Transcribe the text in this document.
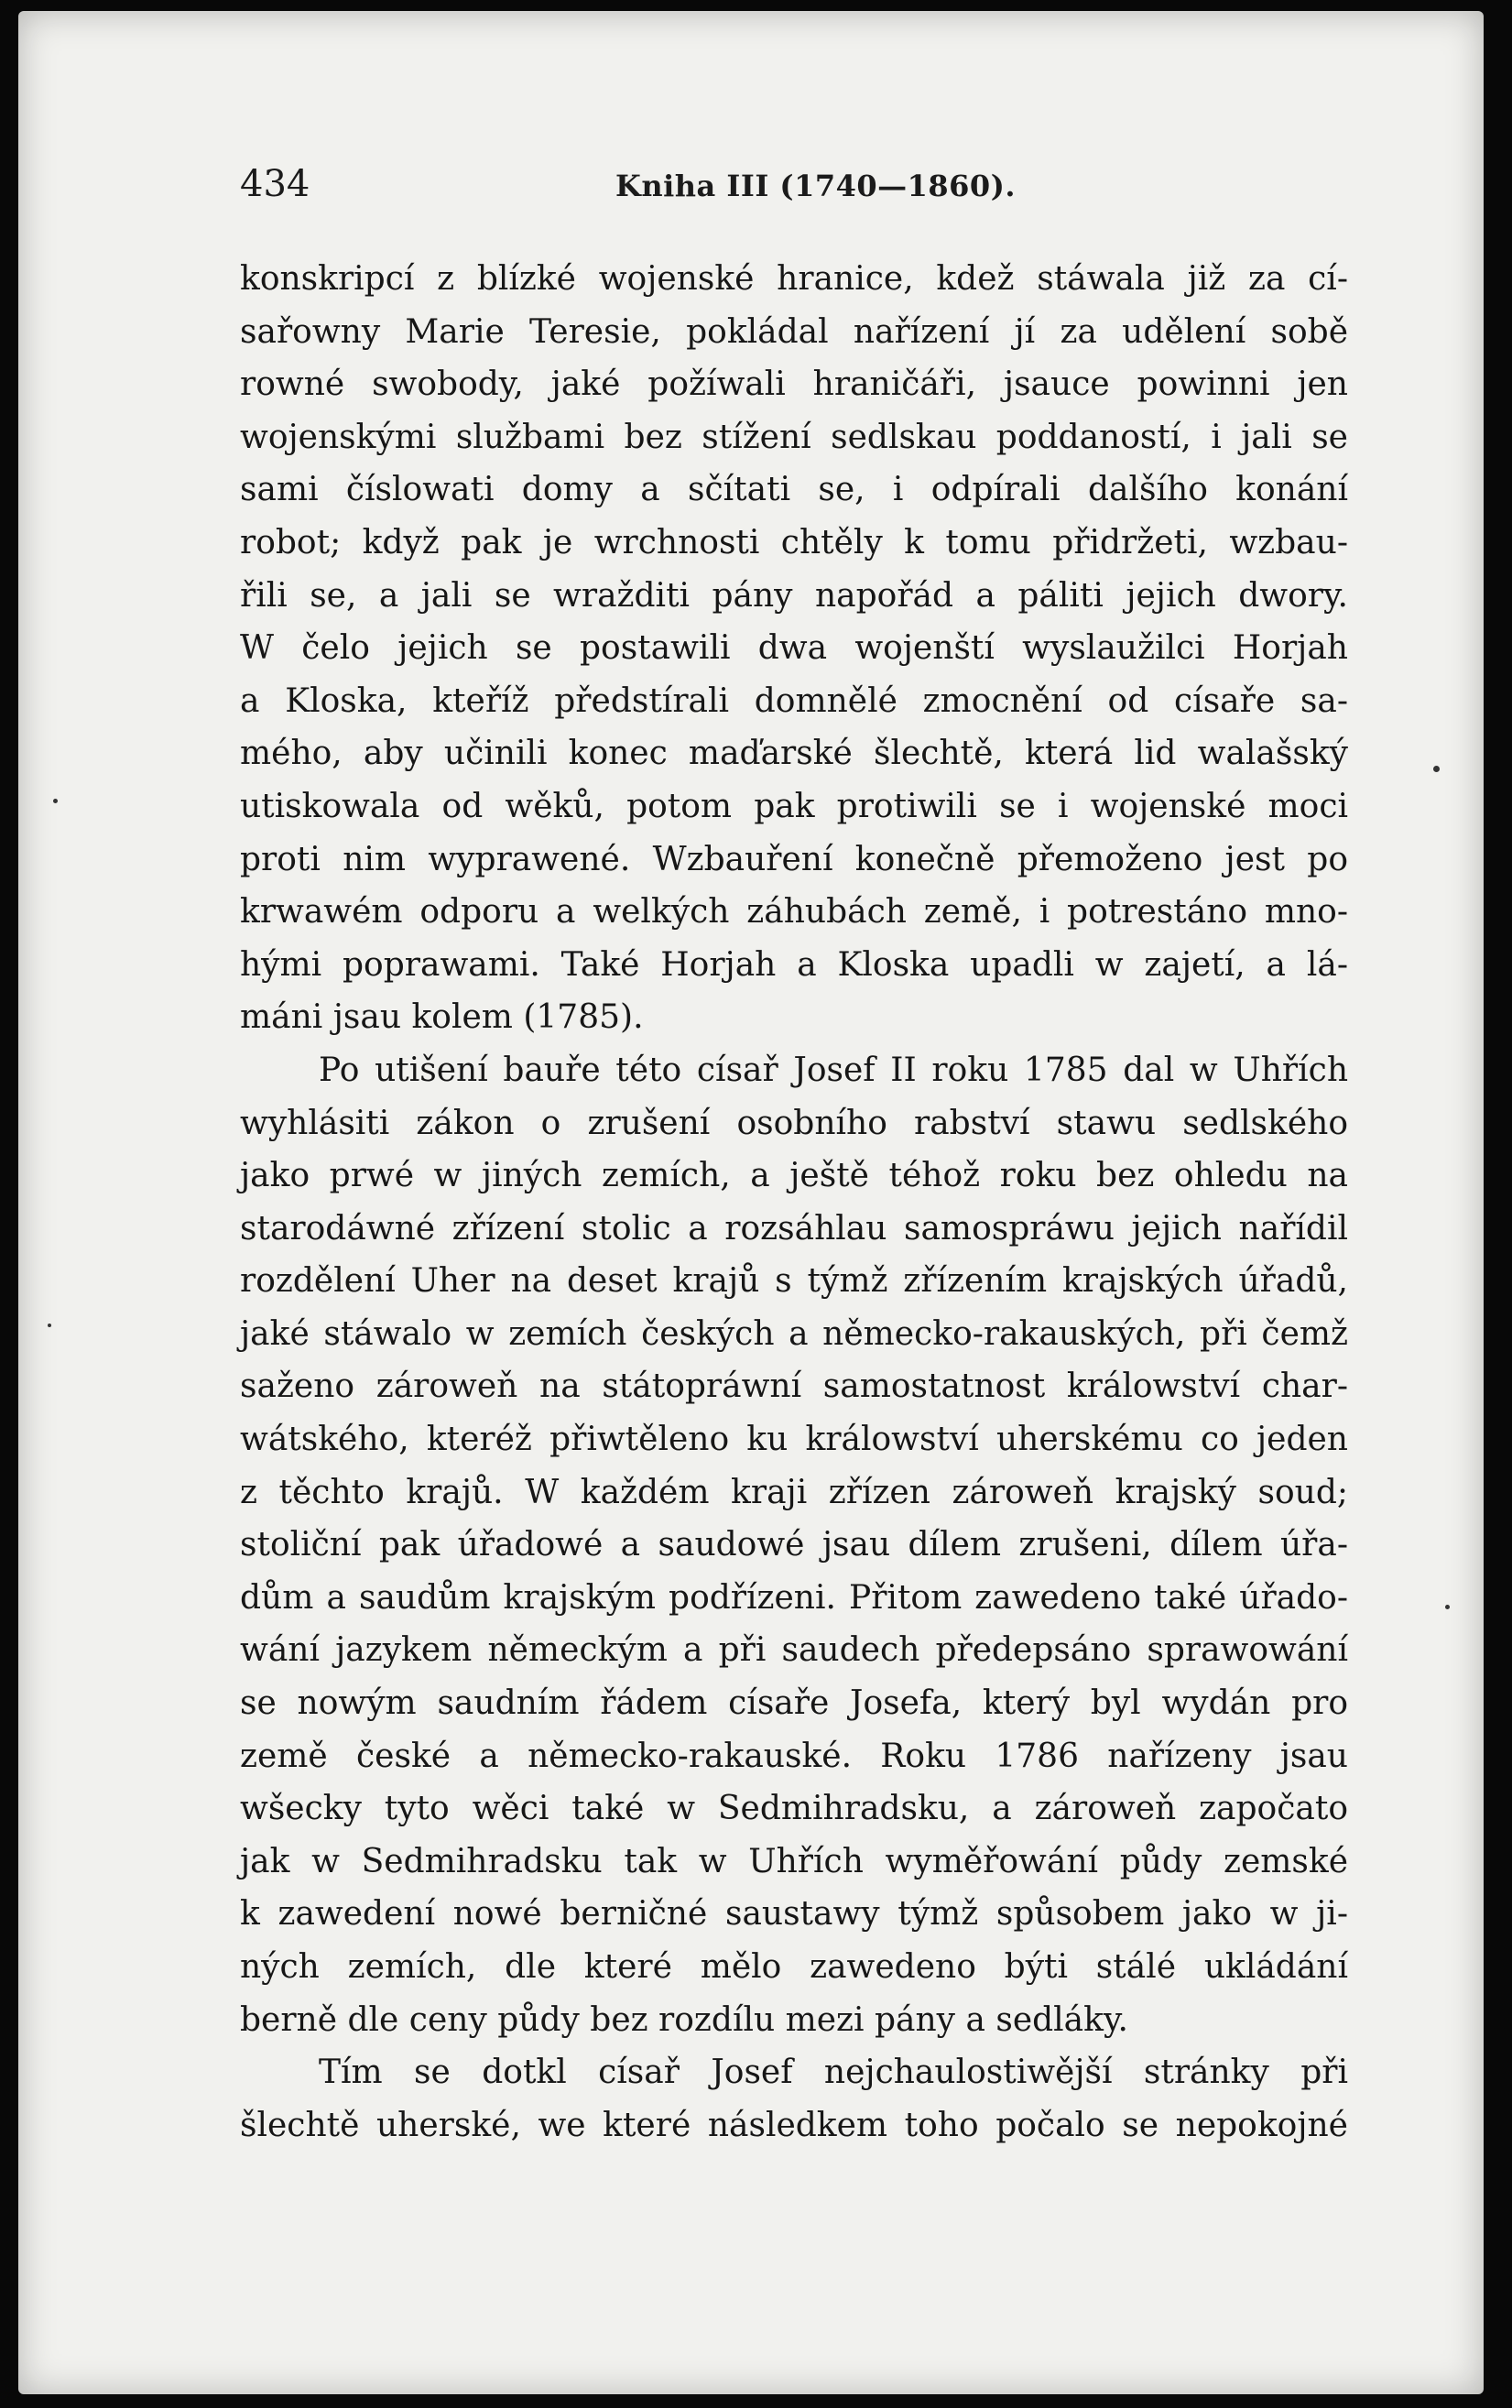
434	Kniha III (1740—1860).
konskripcí z blízké wojenské hranice, kdež stáwala již za cí-
sařowny Marie Teresie, pokládal nařízení jí za udělení sobě
rowné swobody, jaké požíwali hraničáři, jsauce powinni jen
wojenskými službami bez stížení sedlskau poddaností, i jali se
sami číslowati domy a sčítati se, i odpírali dalšího konání
robot; když pak je wrchnosti chtěly k tomu přidržeti, wzbau-
řili se, a jali se wražditi pány napořád a páliti jejich dwory.
W čelo jejich se postawili dwa wojenští wyslaužilci Horjah
a Kloska, kteříž předstírali domnělé zmocnění od císaře sa-
mého, aby učinili konec maďarské šlechtě, která lid walašský
utiskowala od wěků, potom pak protiwili se i wojenské moci
proti nim wyprawené. Wzbauření konečně přemoženo jest po
krwawém odporu a welkých záhubách země, i potrestáno mno-
hými poprawami. Také Horjah a Kloska upadli w zajetí, a lá-
máni jsau kolem (1785).
Po utišení bauře této císař Josef II roku 1785 dal w Uhřích
wyhlásiti zákon o zrušení osobního rabství stawu sedlského
jako prwé w jiných zemích, a ještě téhož roku bez ohledu na
starodáwné zřízení stolic a rozsáhlau samospráwu jejich nařídil
rozdělení Uher na deset krajů s týmž zřízením krajských úřadů,
jaké stáwalo w zemích českých a německo-rakauských, při čemž
saženo zároweň na státopráwní samostatnost králowství char-
wátského, kteréž přiwtěleno ku králowství uherskému co jeden
z těchto krajů. W každém kraji zřízen zároweň krajský soud;
stoliční pak úřadowé a saudowé jsau dílem zrušeni, dílem úřa-
dům a saudům krajským podřízeni. Přitom zawedeno také úřado-
wání jazykem německým a při saudech předepsáno sprawowání
se nowým saudním řádem císaře Josefa, který byl wydán pro
země české a německo-rakauské. Roku 1786 nařízeny jsau
wšecky tyto wěci také w Sedmihradsku, a zároweň započato
jak w Sedmihradsku tak w Uhřích wyměřowání půdy zemské
k zawedení nowé berničné saustawy týmž spůsobem jako w ji-
ných zemích, dle které mělo zawedeno býti stálé ukládání
berně dle ceny půdy bez rozdílu mezi pány a sedláky.
Tím se dotkl císař Josef nejchaulostiwější stránky při
šlechtě uherské, we které následkem toho počalo se nepokojné
